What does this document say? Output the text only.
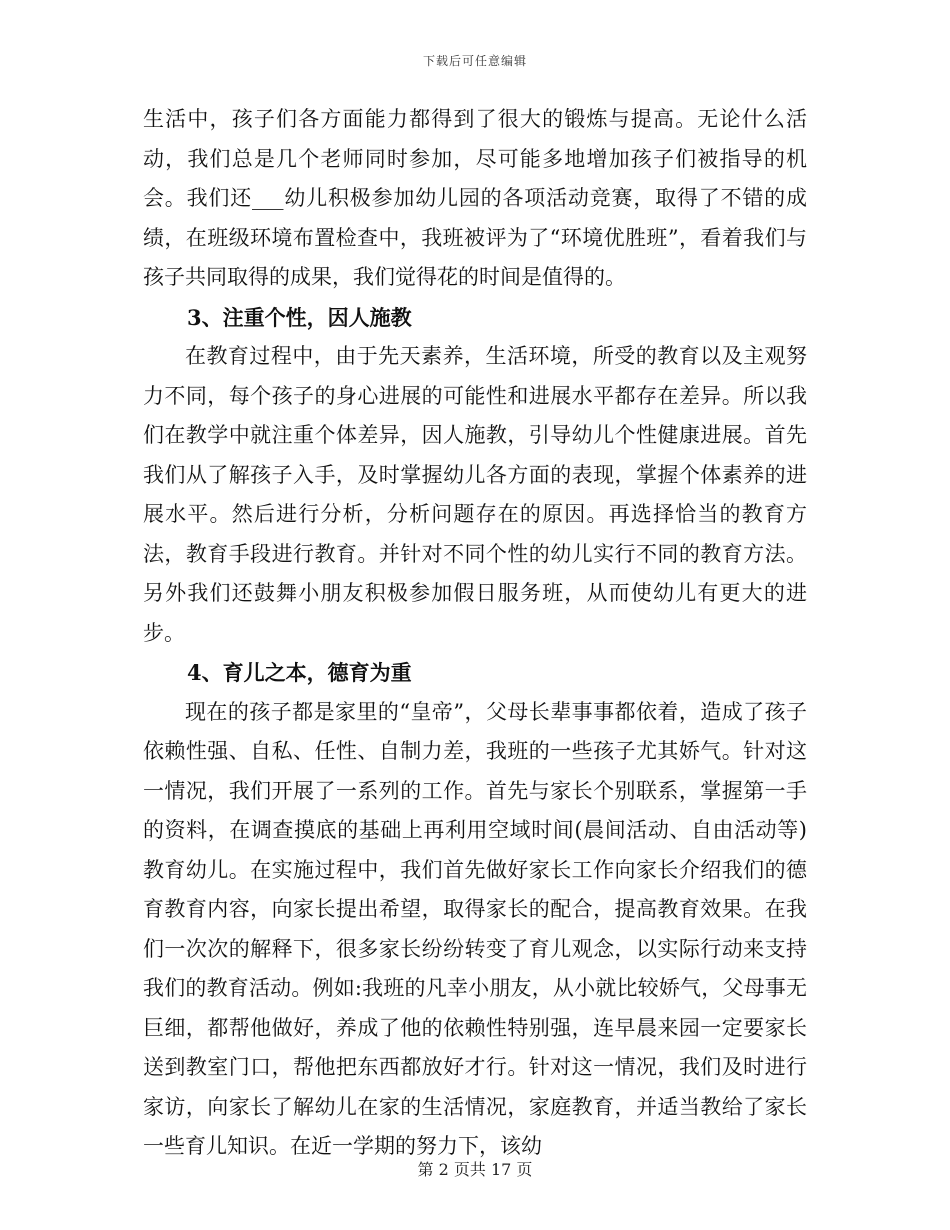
下载后可任意编辑

生活中，孩子们各方面能力都得到了很大的锻炼与提高。无论什么活动，我们总是几个老师同时参加，尽可能多地增加孩子们被指导的机会。我们还___幼儿积极参加幼儿园的各项活动竞赛，取得了不错的成绩，在班级环境布置检查中，我班被评为了“环境优胜班”，看着我们与孩子共同取得的成果，我们觉得花的时间是值得的。

3、注重个性，因人施教

在教育过程中，由于先天素养，生活环境，所受的教育以及主观努力不同，每个孩子的身心进展的可能性和进展水平都存在差异。所以我们在教学中就注重个体差异，因人施教，引导幼儿个性健康进展。首先我们从了解孩子入手，及时掌握幼儿各方面的表现，掌握个体素养的进展水平。然后进行分析，分析问题存在的原因。再选择恰当的教育方法，教育手段进行教育。并针对不同个性的幼儿实行不同的教育方法。另外我们还鼓舞小朋友积极参加假日服务班，从而使幼儿有更大的进步。

4、育儿之本，德育为重

现在的孩子都是家里的“皇帝”，父母长辈事事都依着，造成了孩子依赖性强、自私、任性、自制力差，我班的一些孩子尤其娇气。针对这一情况，我们开展了一系列的工作。首先与家长个别联系，掌握第一手的资料，在调查摸底的基础上再利用空域时间(晨间活动、自由活动等)教育幼儿。在实施过程中，我们首先做好家长工作向家长介绍我们的德育教育内容，向家长提出希望，取得家长的配合，提高教育效果。在我们一次次的解释下，很多家长纷纷转变了育儿观念，以实际行动来支持我们的教育活动。例如:我班的凡幸小朋友，从小就比较娇气，父母事无巨细，都帮他做好，养成了他的依赖性特别强，连早晨来园一定要家长送到教室门口，帮他把东西都放好才行。针对这一情况，我们及时进行家访，向家长了解幼儿在家的生活情况，家庭教育，并适当教给了家长一些育儿知识。在近一学期的努力下，该幼

第 2 页共 17 页
